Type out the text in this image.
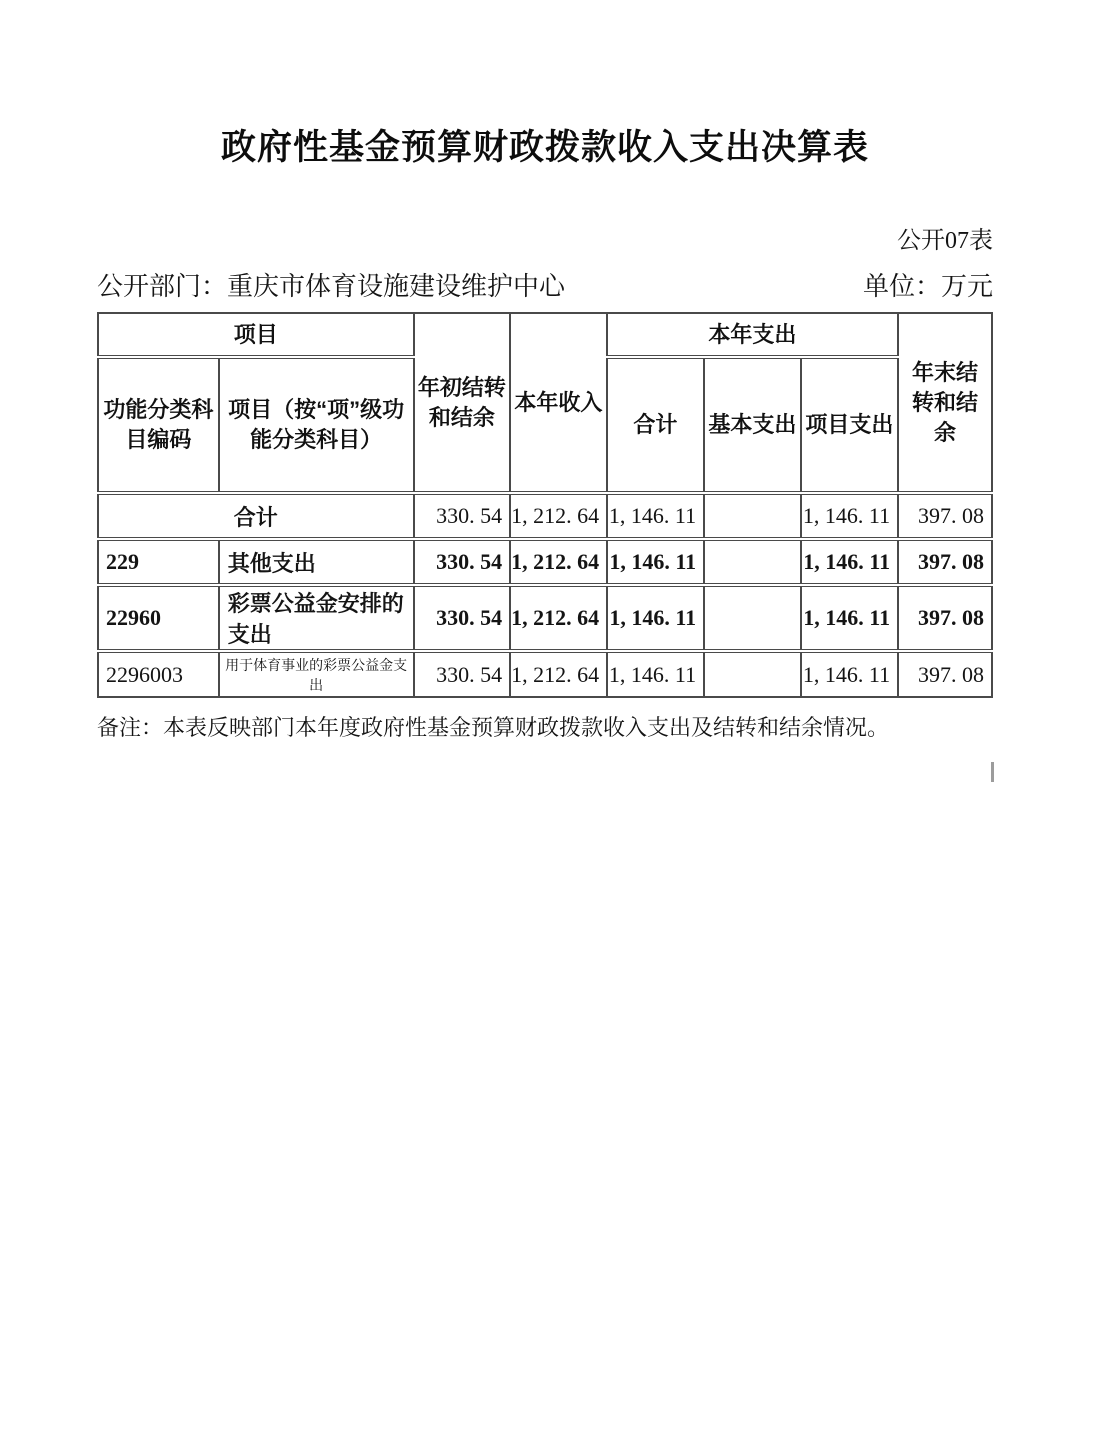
政府性基金预算财政拨款收入支出决算表
公开07表
公开部门：重庆市体育设施建设维护中心	单位：万元
项目		年初结转和结余	本年收入	本年支出			年末结转和结余
功能分类科目编码	项目（按“项”级功能分类科目）			合计	基本支出	项目支出	
合计		330. 54	1, 212. 64	1, 146. 11		1, 146. 11	397. 08
229	其他支出	330. 54	1, 212. 64	1, 146. 11		1, 146. 11	397. 08
22960	彩票公益金安排的支出	330. 54	1, 212. 64	1, 146. 11		1, 146. 11	397. 08
2296003	用于体育事业的彩票公益金支出	330. 54	1, 212. 64	1, 146. 11		1, 146. 11	397. 08

备注：本表反映部门本年度政府性基金预算财政拨款收入支出及结转和结余情况。
